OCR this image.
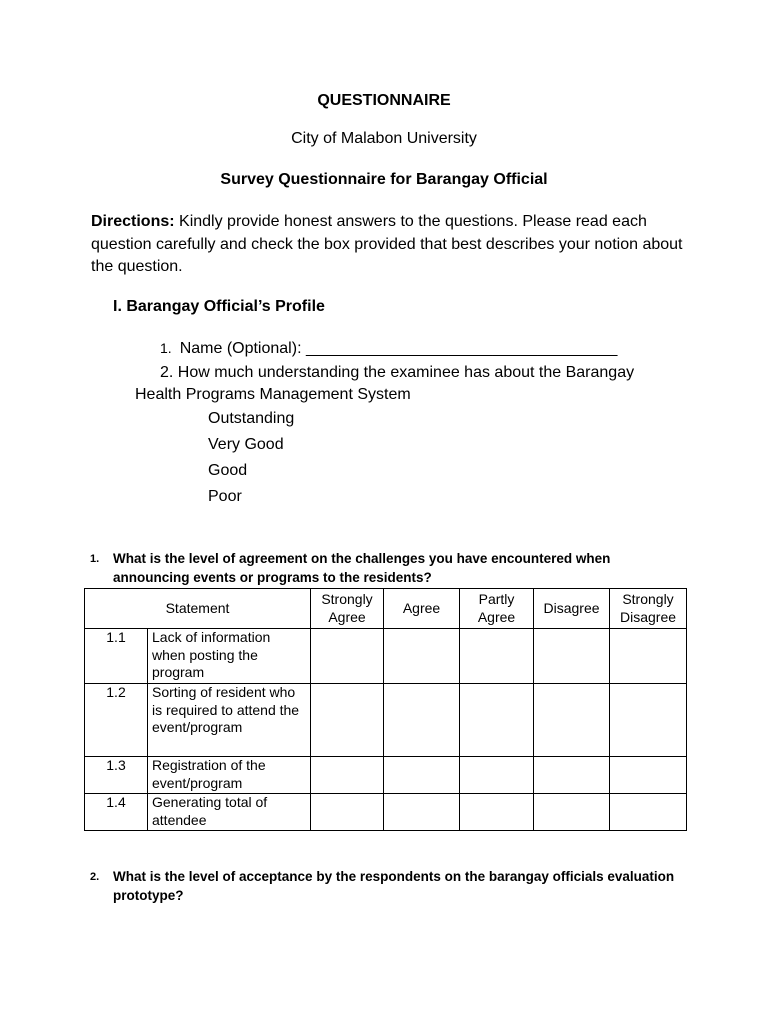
QUESTIONNAIRE
City of Malabon University
Survey Questionnaire for Barangay Official
Directions: Kindly provide honest answers to the questions. Please read each question carefully and check the box provided that best describes your notion about the question.
I. Barangay Official’s Profile
1. Name (Optional): ___________________________________
2. How much understanding the examinee has about the Barangay
Health Programs Management System
Outstanding
Very Good
Good
Poor
1. What is the level of agreement on the challenges you have encountered when announcing events or programs to the residents?
Statement		Strongly Agree	Agree	Partly Agree	Disagree	Strongly Disagree
1.1	Lack of information when posting the program					
1.2	Sorting of resident who is required to attend the event/program					
1.3	Registration of the event/program					
1.4	Generating total of attendee					
2. What is the level of acceptance by the respondents on the barangay officials evaluation prototype?
